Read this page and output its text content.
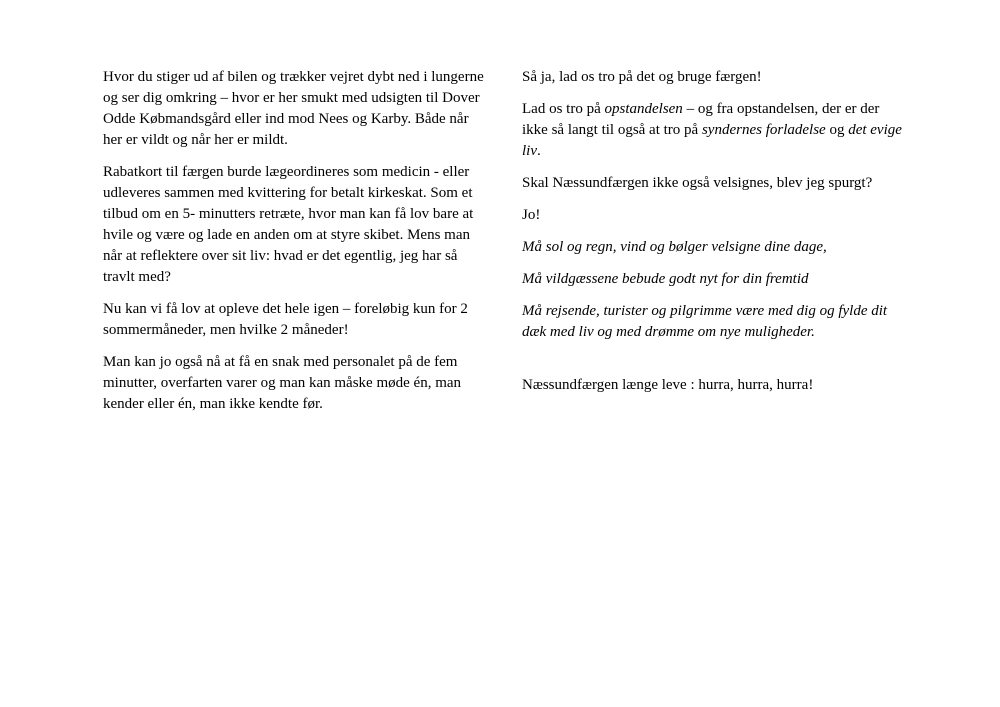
Hvor du stiger ud af bilen og trækker vejret dybt ned i lungerne og ser dig omkring – hvor er her smukt med udsigten til Dover Odde Købmandsgård eller ind mod Nees og Karby. Både når her er vildt og når her er mildt.

Rabatkort til færgen burde lægeordineres som medicin - eller udleveres sammen med kvittering for betalt kirkeskat. Som et tilbud om en 5- minutters retræte, hvor man kan få lov bare at hvile og være og lade en anden om at styre skibet. Mens man når at reflektere over sit liv: hvad er det egentlig, jeg har så travlt med?

Nu kan vi få lov at opleve det hele igen – foreløbig kun for 2 sommermåneder, men hvilke 2 måneder!

Man kan jo også nå at få en snak med personalet på de fem minutter, overfarten varer og man kan måske møde én, man kender eller én, man ikke kendte før.

Så ja, lad os tro på det og bruge færgen!

Lad os tro på opstandelsen – og fra opstandelsen, der er der ikke så langt til også at tro på syndernes forladelse og det evige liv.

Skal Næssundfærgen ikke også velsignes, blev jeg spurgt?

Jo!

Må sol og regn, vind og bølger velsigne dine dage,

Må vildgæssene bebude godt nyt for din fremtid

Må rejsende, turister og pilgrimme være med dig og fylde dit dæk med liv og med drømme om nye muligheder.

Næssundfærgen længe leve : hurra, hurra, hurra!
